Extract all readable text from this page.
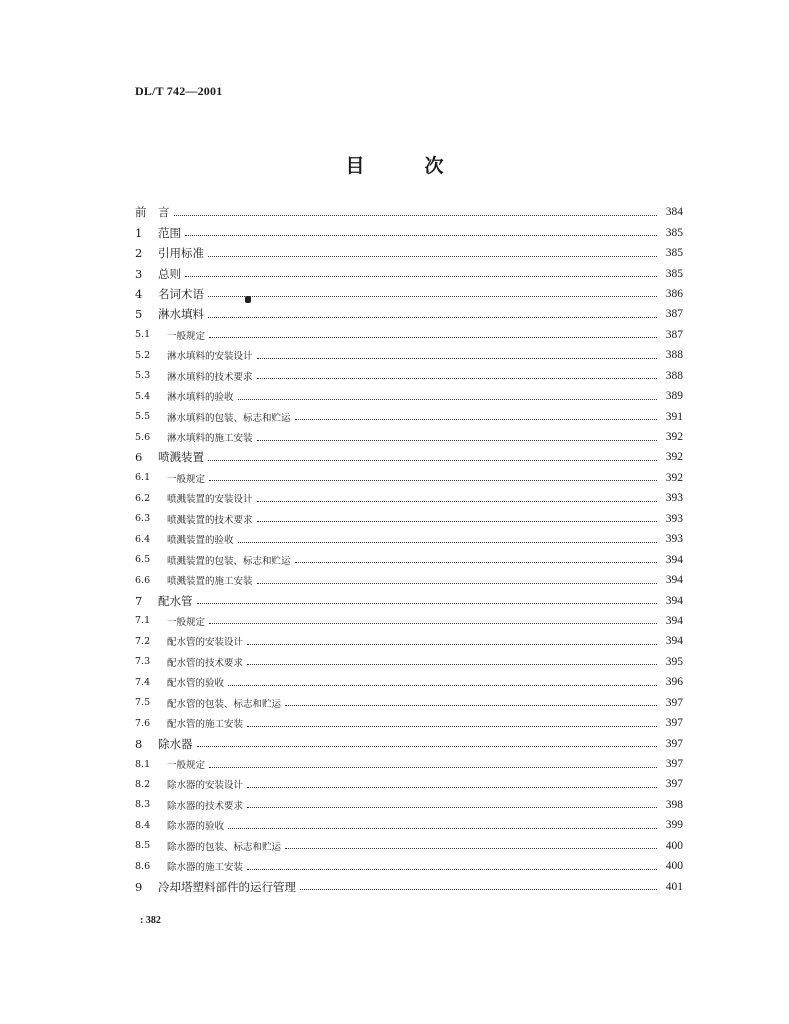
DL/T 742—2001
目	次
前	言	384
1	范围	385
2	引用标准	385
3	总则	385
4	名词术语	386
5	淋水填料	387
5.1	一般规定	387
5.2	淋水填料的安装设计	388
5.3	淋水填料的技术要求	388
5.4	淋水填料的验收	389
5.5	淋水填料的包装、标志和贮运	391
5.6	淋水填料的施工安装	392
6	喷溅装置	392
6.1	一般规定	392
6.2	喷溅装置的安装设计	393
6.3	喷溅装置的技术要求	393
6.4	喷溅装置的验收	393
6.5	喷溅装置的包装、标志和贮运	394
6.6	喷溅装置的施工安装	394
7	配水管	394
7.1	一般规定	394
7.2	配水管的安装设计	394
7.3	配水管的技术要求	395
7.4	配水管的验收	396
7.5	配水管的包装、标志和贮运	397
7.6	配水管的施工安装	397
8	除水器	397
8.1	一般规定	397
8.2	除水器的安装设计	397
8.3	除水器的技术要求	398
8.4	除水器的验收	399
8.5	除水器的包装、标志和贮运	400
8.6	除水器的施工安装	400
9	冷却塔塑料部件的运行管理	401
: 382
